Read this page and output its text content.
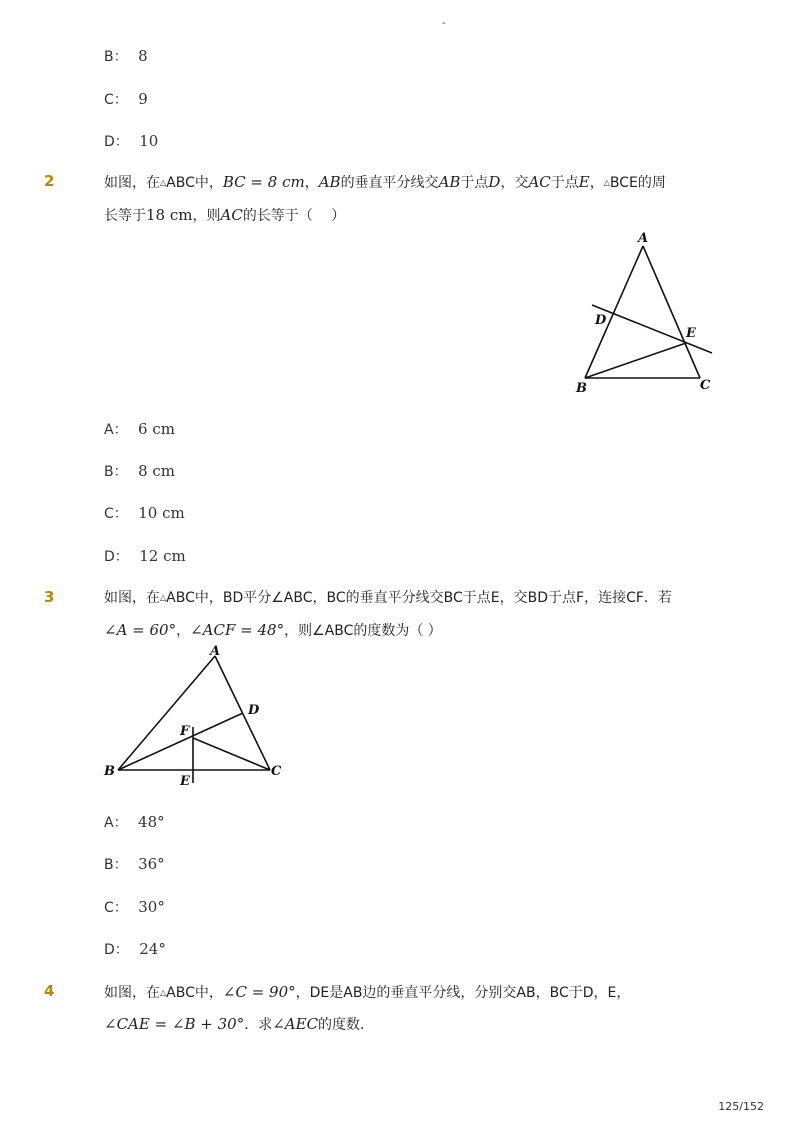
-
B： 8
C： 9
D： 10
2	如图，在△ABC中，BC = 8 cm，AB的垂直平分线交AB于点D，交AC于点E，△BCE的周
长等于18 cm，则AC的长等于（　 ）
A
B	C
D
E
A： 6 cm
B： 8 cm
C： 10 cm
D： 12 cm
3	如图，在△ABC中，BD平分∠ABC，BC的垂直平分线交BC于点E，交BD于点F，连接CF．若
∠A = 60°，∠ACF = 48°，则∠ABC的度数为（ ）
A
B	C
D
E
F
A： 48°
B： 36°
C： 30°
D： 24°
4	如图，在△ABC中，∠C = 90°，DE是AB边的垂直平分线，分别交AB，BC于D，E，
∠CAE = ∠B + 30°．求∠AEC的度数．
125/152
